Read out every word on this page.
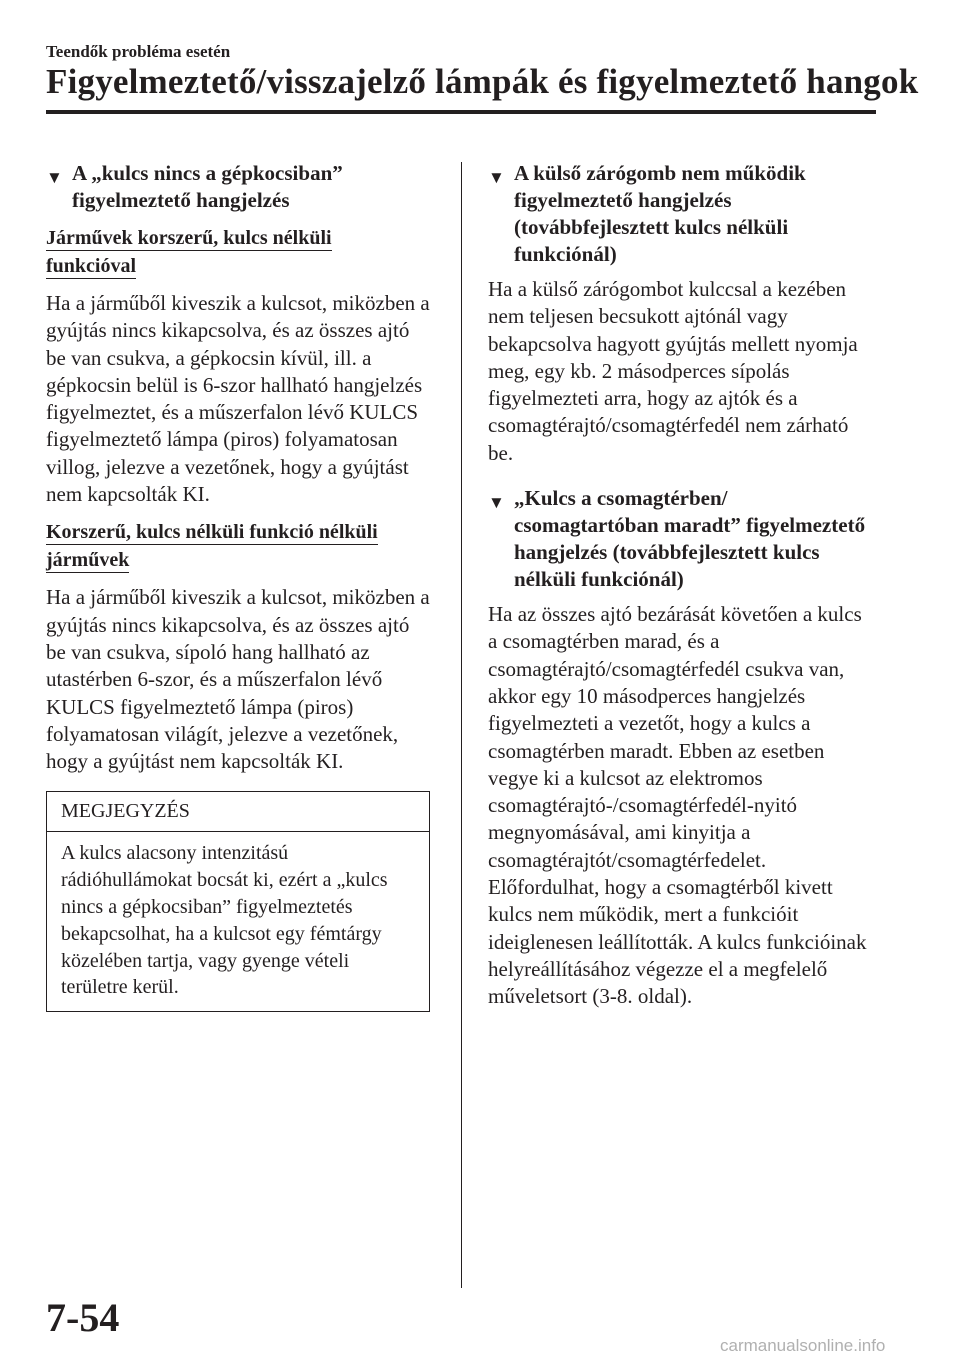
Teendők probléma esetén
Figyelmeztető/visszajelző lámpák és figyelmeztető hangok
▼ A „kulcs nincs a gépkocsiban” figyelmeztető hangjelzés
Járművek korszerű, kulcs nélküli
funkcióval

Ha a járműből kiveszik a kulcsot, miközben a gyújtás nincs kikapcsolva, és az összes ajtó be van csukva, a gépkocsin kívül, ill. a gépkocsin belül is 6-szor hallható hangjelzés figyelmeztet, és a műszerfalon lévő KULCS figyelmeztető lámpa (piros) folyamatosan villog, jelezve a vezetőnek, hogy a gyújtást nem kapcsolták KI.

Korszerű, kulcs nélküli funkció nélküli
járművek

Ha a járműből kiveszik a kulcsot, miközben a gyújtás nincs kikapcsolva, és az összes ajtó be van csukva, sípoló hang hallható az utastérben 6-szor, és a műszerfalon lévő KULCS figyelmeztető lámpa (piros) folyamatosan világít, jelezve a vezetőnek, hogy a gyújtást nem kapcsolták KI.

MEGJEGYZÉS
A kulcs alacsony intenzitású rádióhullámokat bocsát ki, ezért a „kulcs nincs a gépkocsiban” figyelmeztetés bekapcsolhat, ha a kulcsot egy fémtárgy közelében tartja, vagy gyenge vételi területre kerül.
▼ A külső zárógomb nem működik figyelmeztető hangjelzés (továbbfejlesztett kulcs nélküli funkciónál)

Ha a külső zárógombot kulccsal a kezében nem teljesen becsukott ajtónál vagy bekapcsolva hagyott gyújtás mellett nyomja meg, egy kb. 2 másodperces sípolás figyelmezteti arra, hogy az ajtók és a csomagtérajtó/csomagtérfedél nem zárható be.

▼ „Kulcs a csomagtérben/ csomagtartóban maradt” figyelmeztető hangjelzés (továbbfejlesztett kulcs nélküli funkciónál)

Ha az összes ajtó bezárását követően a kulcs a csomagtérben marad, és a csomagtérajtó/csomagtérfedél csukva van, akkor egy 10 másodperces hangjelzés figyelmezteti a vezetőt, hogy a kulcs a csomagtérben maradt. Ebben az esetben vegye ki a kulcsot az elektromos csomagtérajtó-/csomagtérfedél-nyitó megnyomásával, ami kinyitja a csomagtérajtót/csomagtérfedelet. Előfordulhat, hogy a csomagtérből kivett kulcs nem működik, mert a funkcióit ideiglenesen leállították. A kulcs funkcióinak helyreállításához végezze el a megfelelő műveletsort (3-8. oldal).

7-54
carmanualsonline.info
